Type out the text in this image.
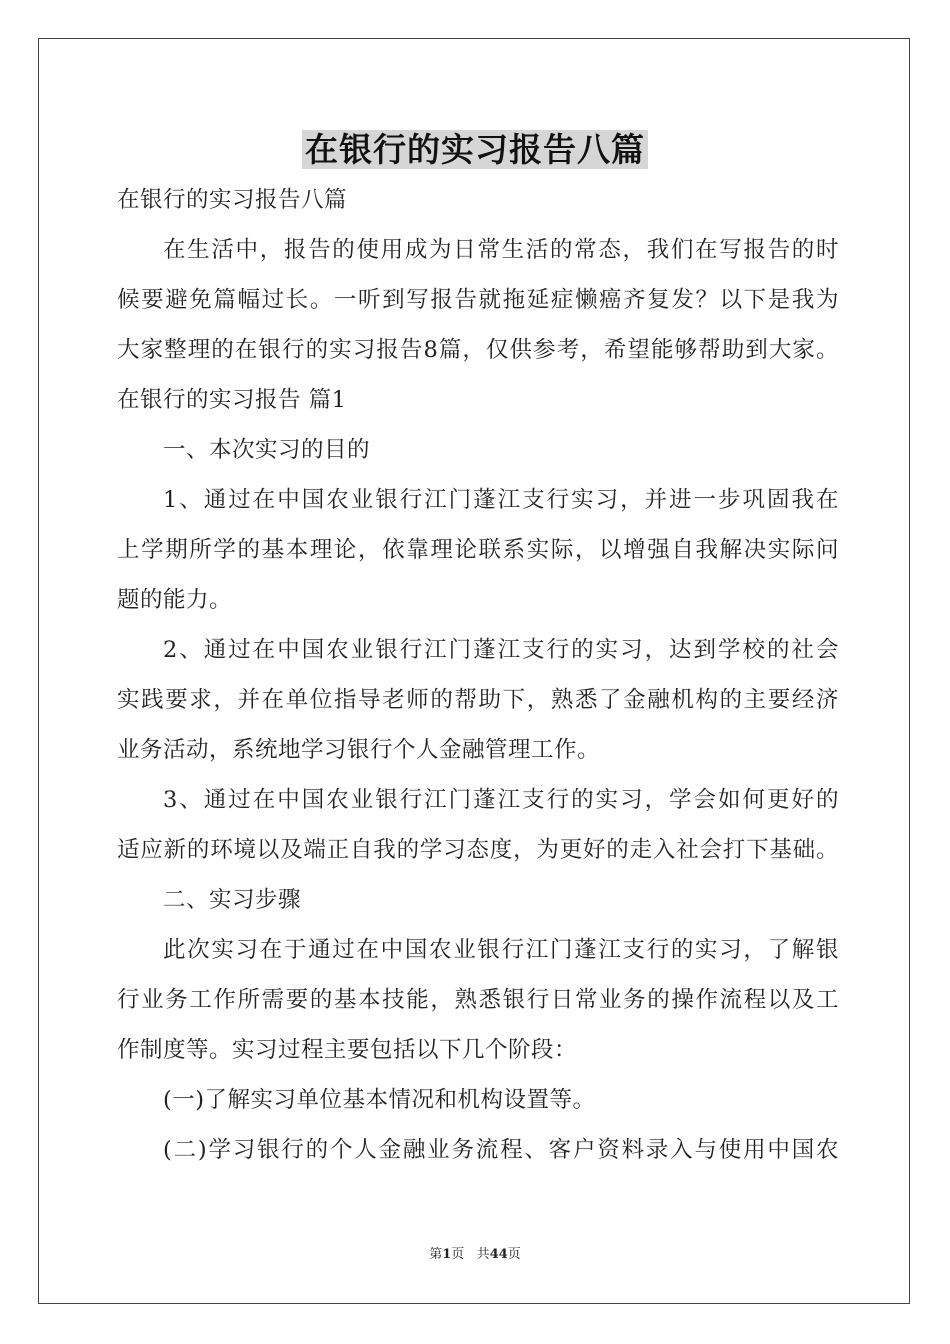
在银行的实习报告八篇
在银行的实习报告八篇
在生活中，报告的使用成为日常生活的常态，我们在写报告的时
候要避免篇幅过长。一听到写报告就拖延症懒癌齐复发？以下是我为
大家整理的在银行的实习报告8篇，仅供参考，希望能够帮助到大家。
在银行的实习报告 篇1
一、本次实习的目的
1、通过在中国农业银行江门蓬江支行实习，并进一步巩固我在
上学期所学的基本理论，依靠理论联系实际，以增强自我解决实际问
题的能力。
2、通过在中国农业银行江门蓬江支行的实习，达到学校的社会
实践要求，并在单位指导老师的帮助下，熟悉了金融机构的主要经济
业务活动，系统地学习银行个人金融管理工作。
3、通过在中国农业银行江门蓬江支行的实习，学会如何更好的
适应新的环境以及端正自我的学习态度，为更好的走入社会打下基础。
二、实习步骤
此次实习在于通过在中国农业银行江门蓬江支行的实习，了解银
行业务工作所需要的基本技能，熟悉银行日常业务的操作流程以及工
作制度等。实习过程主要包括以下几个阶段：
(一)了解实习单位基本情况和机构设置等。
(二)学习银行的个人金融业务流程、客户资料录入与使用中国农
第1页 共44页
